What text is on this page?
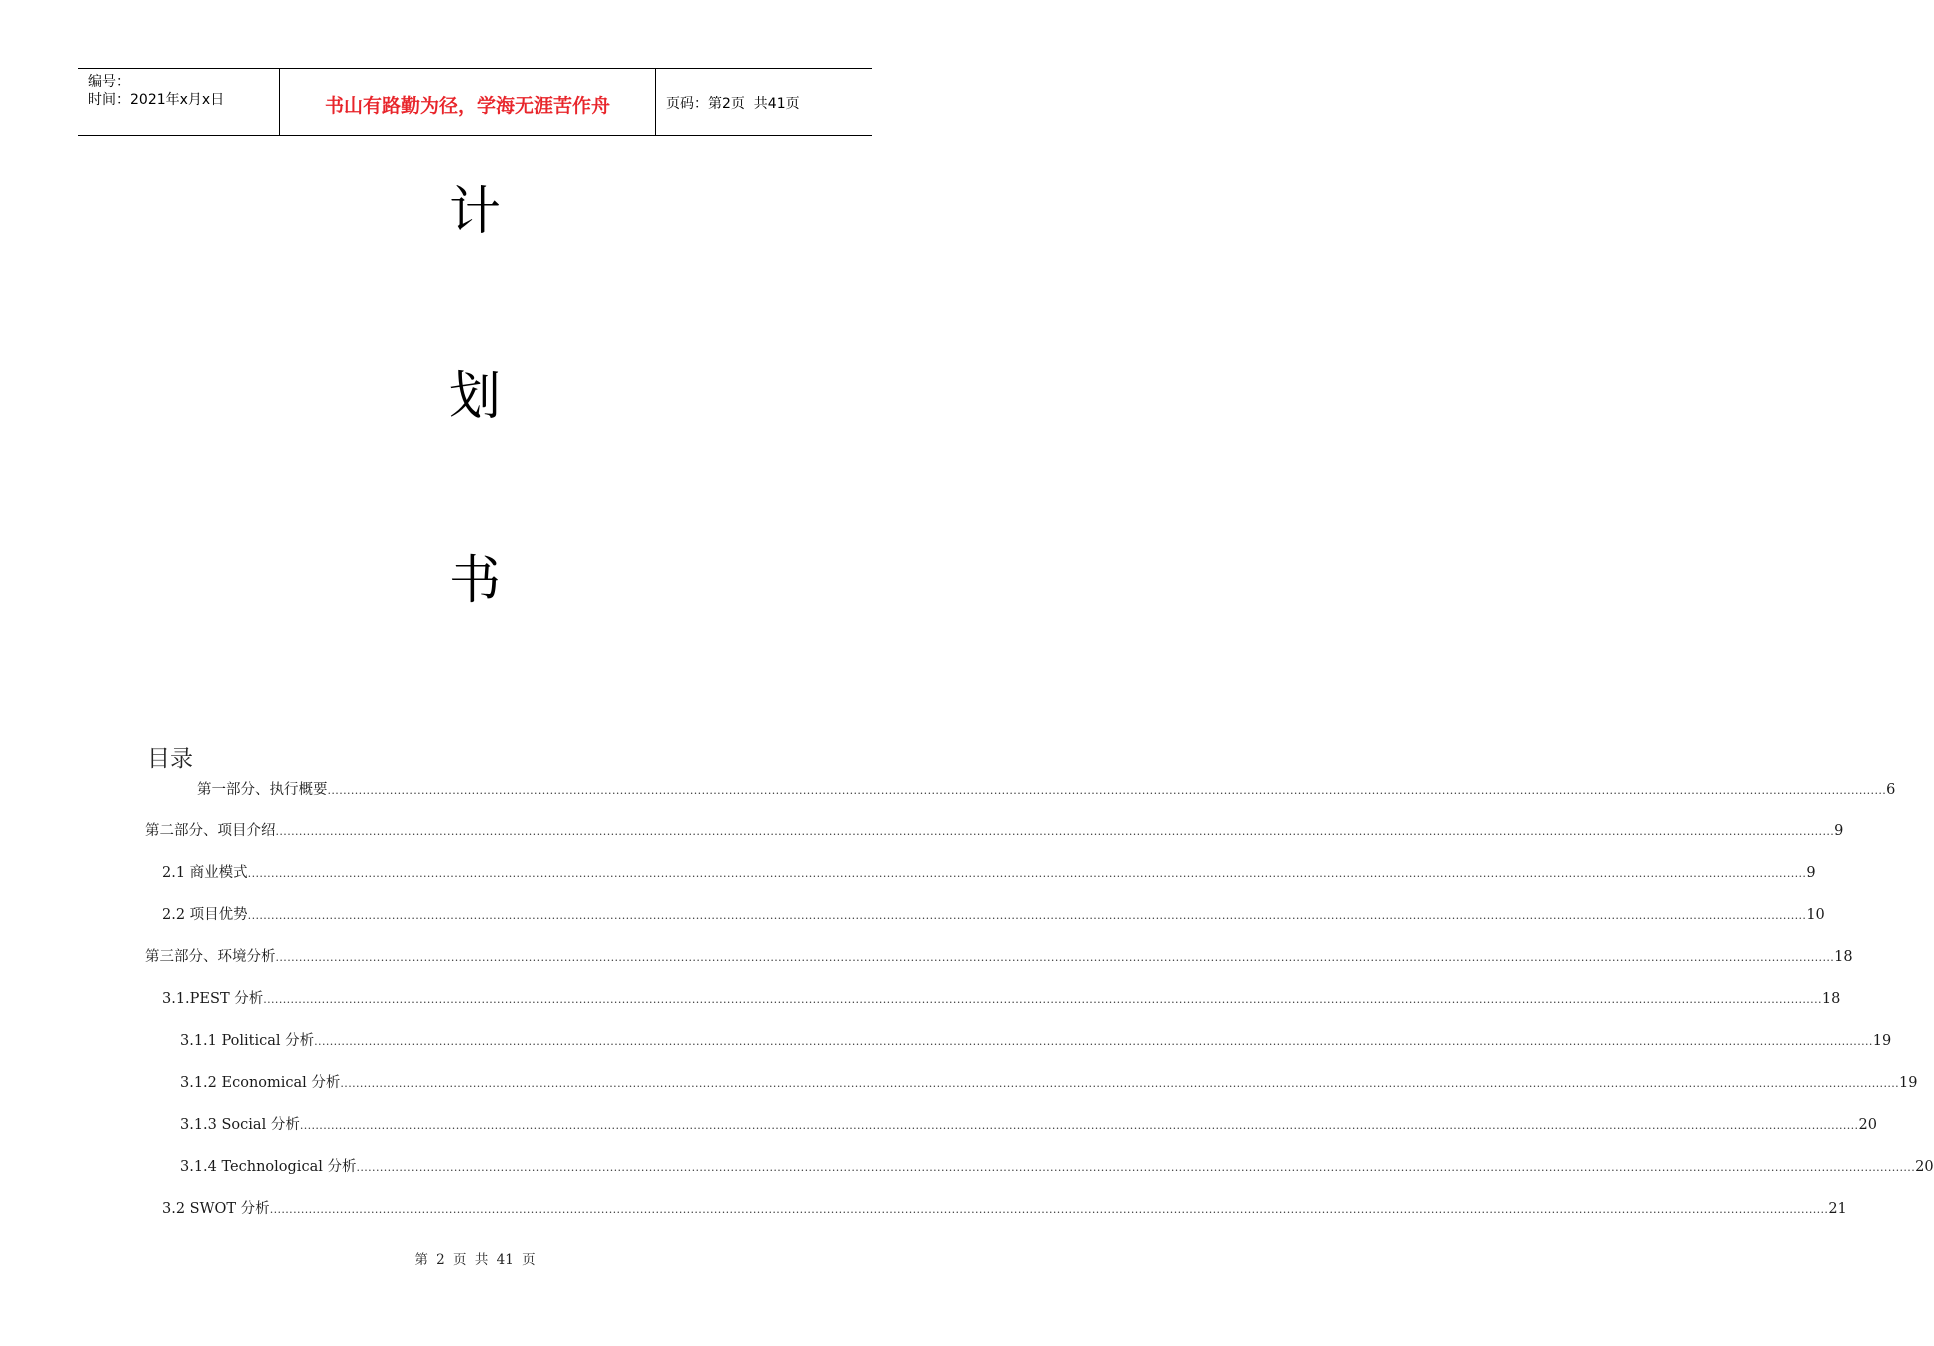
编号：
时间：2021年x月x日	书山有路勤为径，学海无涯苦作舟	页码：第2页  共41页
计
划
书
目录
第一部分、执行概要 ................................................................................................................................................................................................................................................................................................................................................................................................................ 6
第二部分、项目介绍 ................................................................................................................................................................................................................................................................................................................................................................................................................ 9
2.1 商业模式 ................................................................................................................................................................................................................................................................................................................................................................................................................ 9
2.2 项目优势 ................................................................................................................................................................................................................................................................................................................................................................................................................ 10
第三部分、环境分析 ................................................................................................................................................................................................................................................................................................................................................................................................................ 18
3.1.PEST 分析 ................................................................................................................................................................................................................................................................................................................................................................................................................ 18
3.1.1 Political 分析 ................................................................................................................................................................................................................................................................................................................................................................................................................ 19
3.1.2 Economical 分析 ................................................................................................................................................................................................................................................................................................................................................................................................................ 19
3.1.3 Social 分析 ................................................................................................................................................................................................................................................................................................................................................................................................................ 20
3.1.4 Technological 分析 ................................................................................................................................................................................................................................................................................................................................................................................................................ 20
3.2 SWOT 分析 ................................................................................................................................................................................................................................................................................................................................................................................................................ 21
第 2 页 共 41 页
